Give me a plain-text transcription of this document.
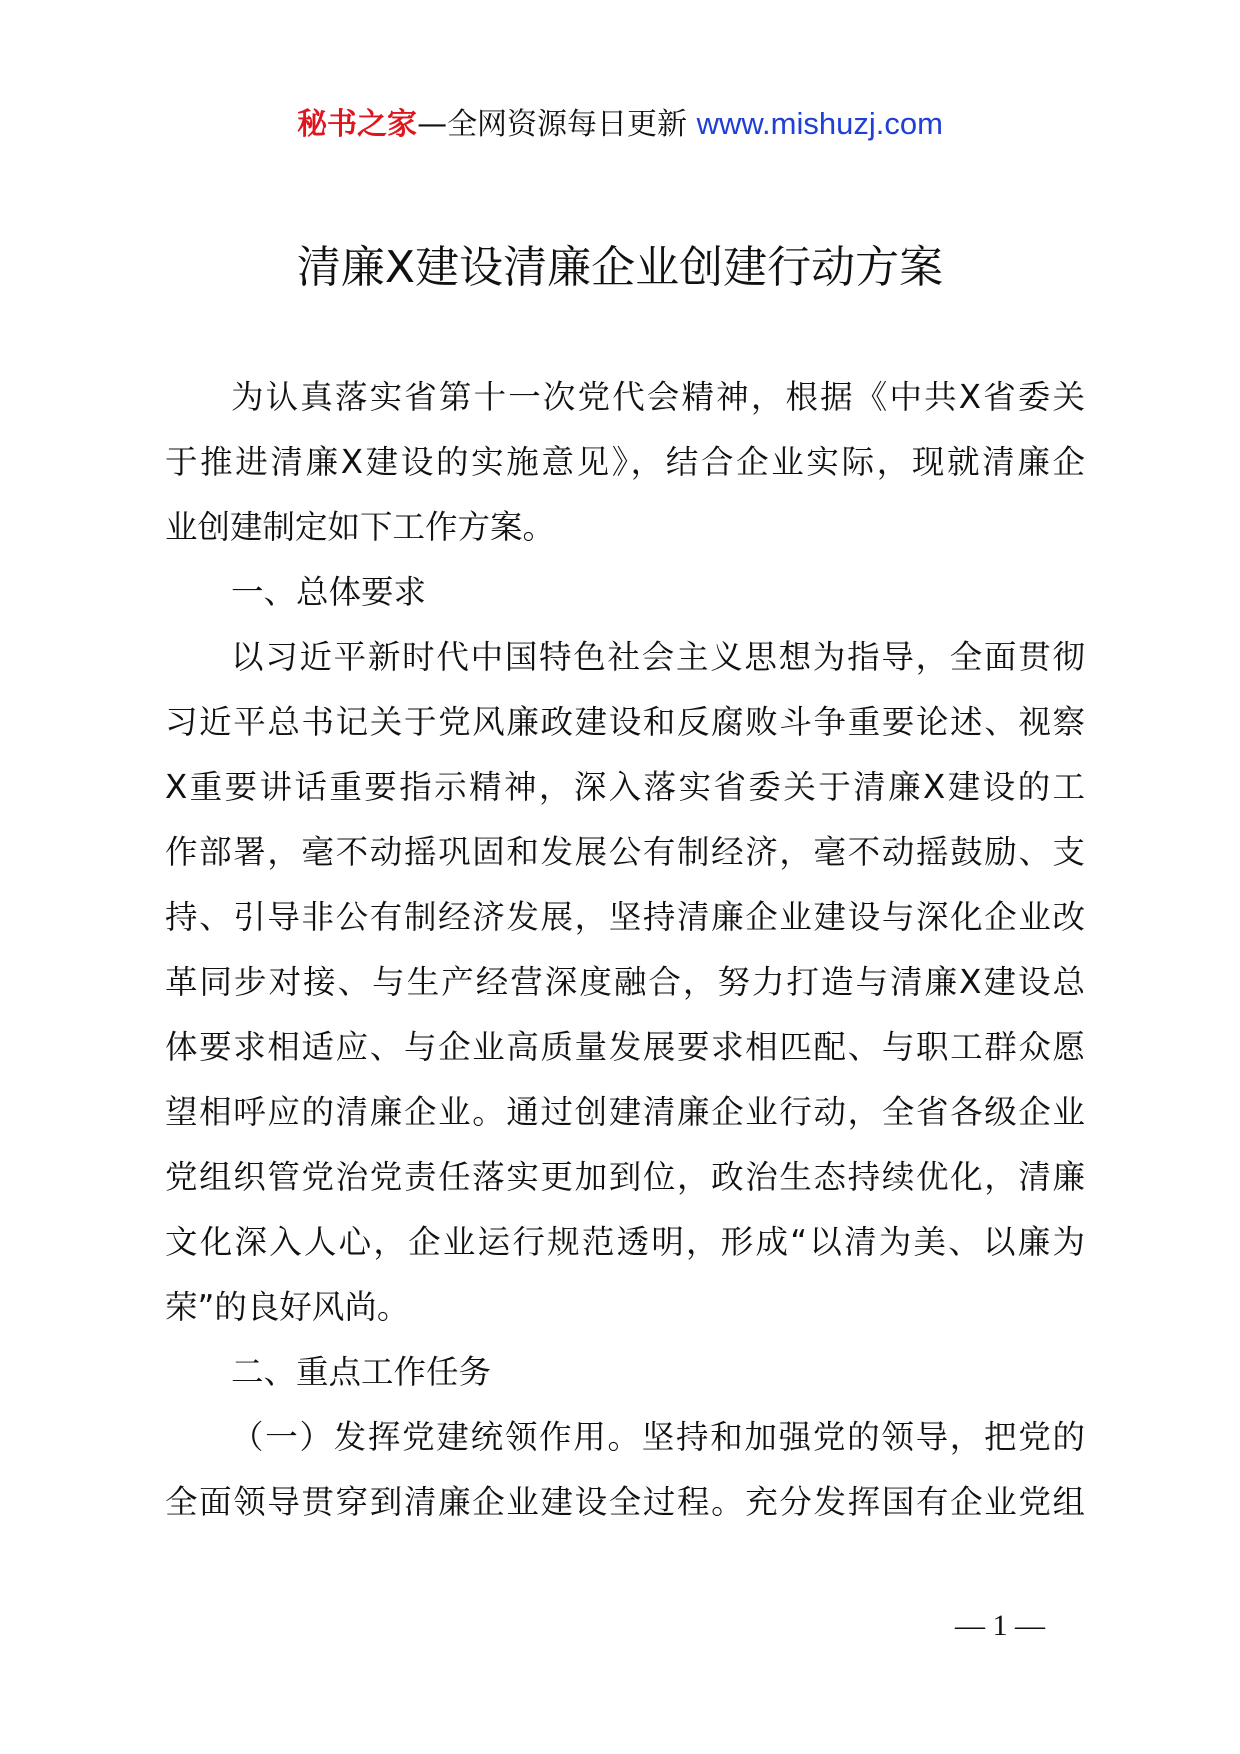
秘书之家—全网资源每日更新 www.mishuzj.com
清廉X建设清廉企业创建行动方案
为认真落实省第十一次党代会精神，根据《中共X省委关
于推进清廉X建设的实施意见》，结合企业实际，现就清廉企
业创建制定如下工作方案。
一、总体要求
以习近平新时代中国特色社会主义思想为指导，全面贯彻
习近平总书记关于党风廉政建设和反腐败斗争重要论述、视察
X重要讲话重要指示精神，深入落实省委关于清廉X建设的工
作部署，毫不动摇巩固和发展公有制经济，毫不动摇鼓励、支
持、引导非公有制经济发展，坚持清廉企业建设与深化企业改
革同步对接、与生产经营深度融合，努力打造与清廉X建设总
体要求相适应、与企业高质量发展要求相匹配、与职工群众愿
望相呼应的清廉企业。通过创建清廉企业行动，全省各级企业
党组织管党治党责任落实更加到位，政治生态持续优化，清廉
文化深入人心，企业运行规范透明，形成“以清为美、以廉为
荣”的良好风尚。
二、重点工作任务
（一）发挥党建统领作用。坚持和加强党的领导，把党的
全面领导贯穿到清廉企业建设全过程。充分发挥国有企业党组
— 1 —
